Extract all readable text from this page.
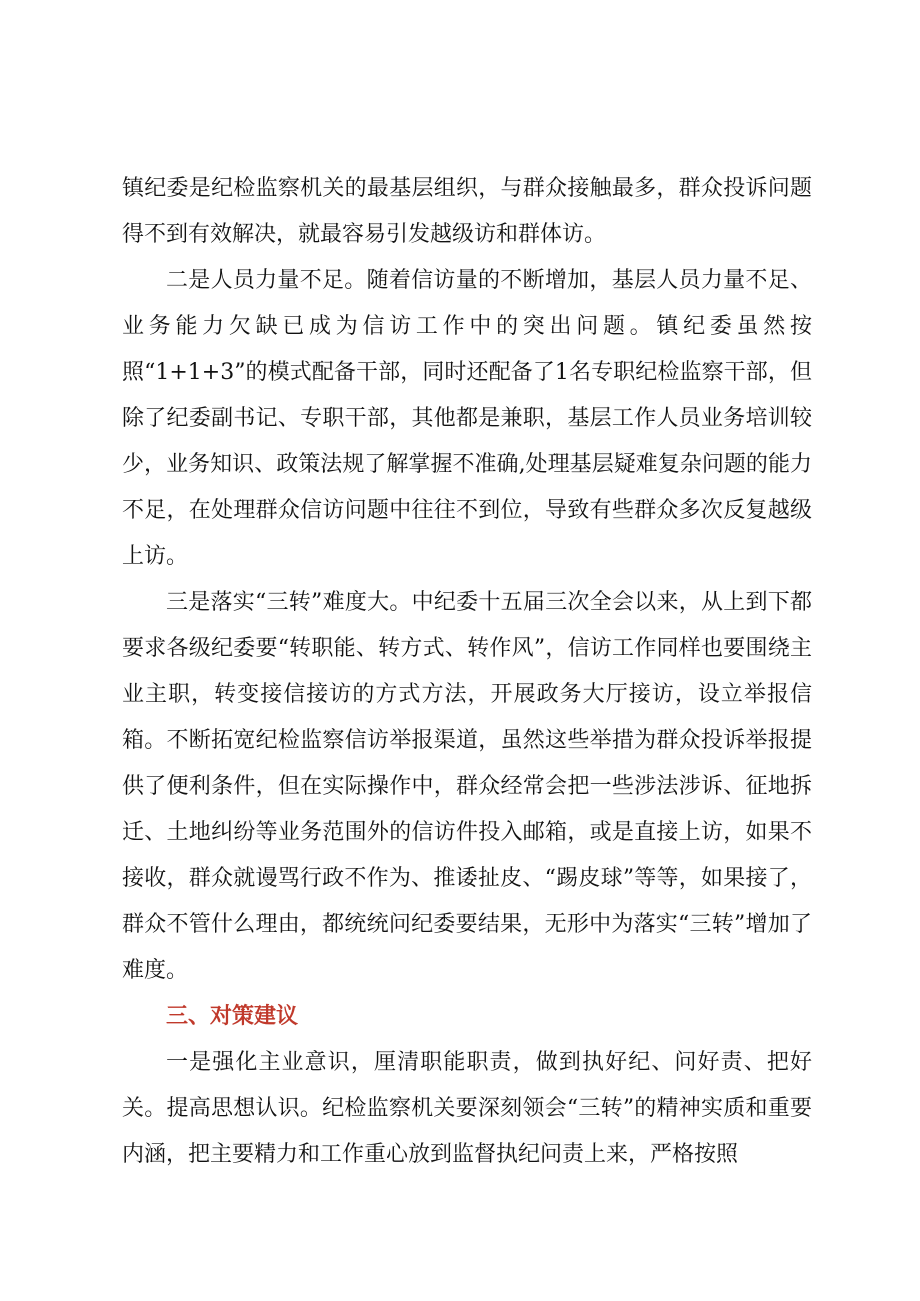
镇纪委是纪检监察机关的最基层组织，与群众接触最多，群众投诉问题得不到有效解决，就最容易引发越级访和群体访。

二是人员力量不足。随着信访量的不断增加，基层人员力量不足、业务能力欠缺已成为信访工作中的突出问题。镇纪委虽然按照“1+1+3”的模式配备干部，同时还配备了1名专职纪检监察干部，但除了纪委副书记、专职干部，其他都是兼职，基层工作人员业务培训较少，业务知识、政策法规了解掌握不准确,处理基层疑难复杂问题的能力不足，在处理群众信访问题中往往不到位，导致有些群众多次反复越级上访。

三是落实“三转”难度大。中纪委十五届三次全会以来，从上到下都要求各级纪委要“转职能、转方式、转作风”，信访工作同样也要围绕主业主职，转变接信接访的方式方法，开展政务大厅接访，设立举报信箱。不断拓宽纪检监察信访举报渠道，虽然这些举措为群众投诉举报提供了便利条件，但在实际操作中，群众经常会把一些涉法涉诉、征地拆迁、土地纠纷等业务范围外的信访件投入邮箱，或是直接上访，如果不接收，群众就谩骂行政不作为、推诿扯皮、“踢皮球”等等，如果接了，群众不管什么理由，都统统问纪委要结果，无形中为落实“三转”增加了难度。

三、对策建议

一是强化主业意识，厘清职能职责，做到执好纪、问好责、把好关。提高思想认识。纪检监察机关要深刻领会“三转”的精神实质和重要内涵，把主要精力和工作重心放到监督执纪问责上来，严格按照
